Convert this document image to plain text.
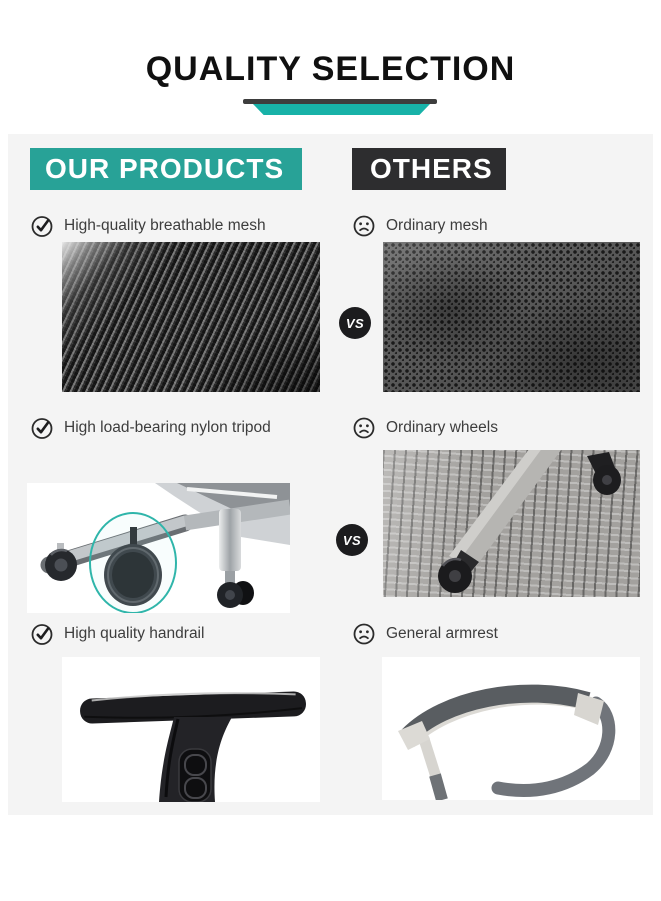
QUALITY SELECTION
OUR PRODUCTS	OTHERS
High-quality breathable mesh	Ordinary mesh
VS
High load-bearing nylon tripod	Ordinary wheels
VS
High quality handrail	General armrest
